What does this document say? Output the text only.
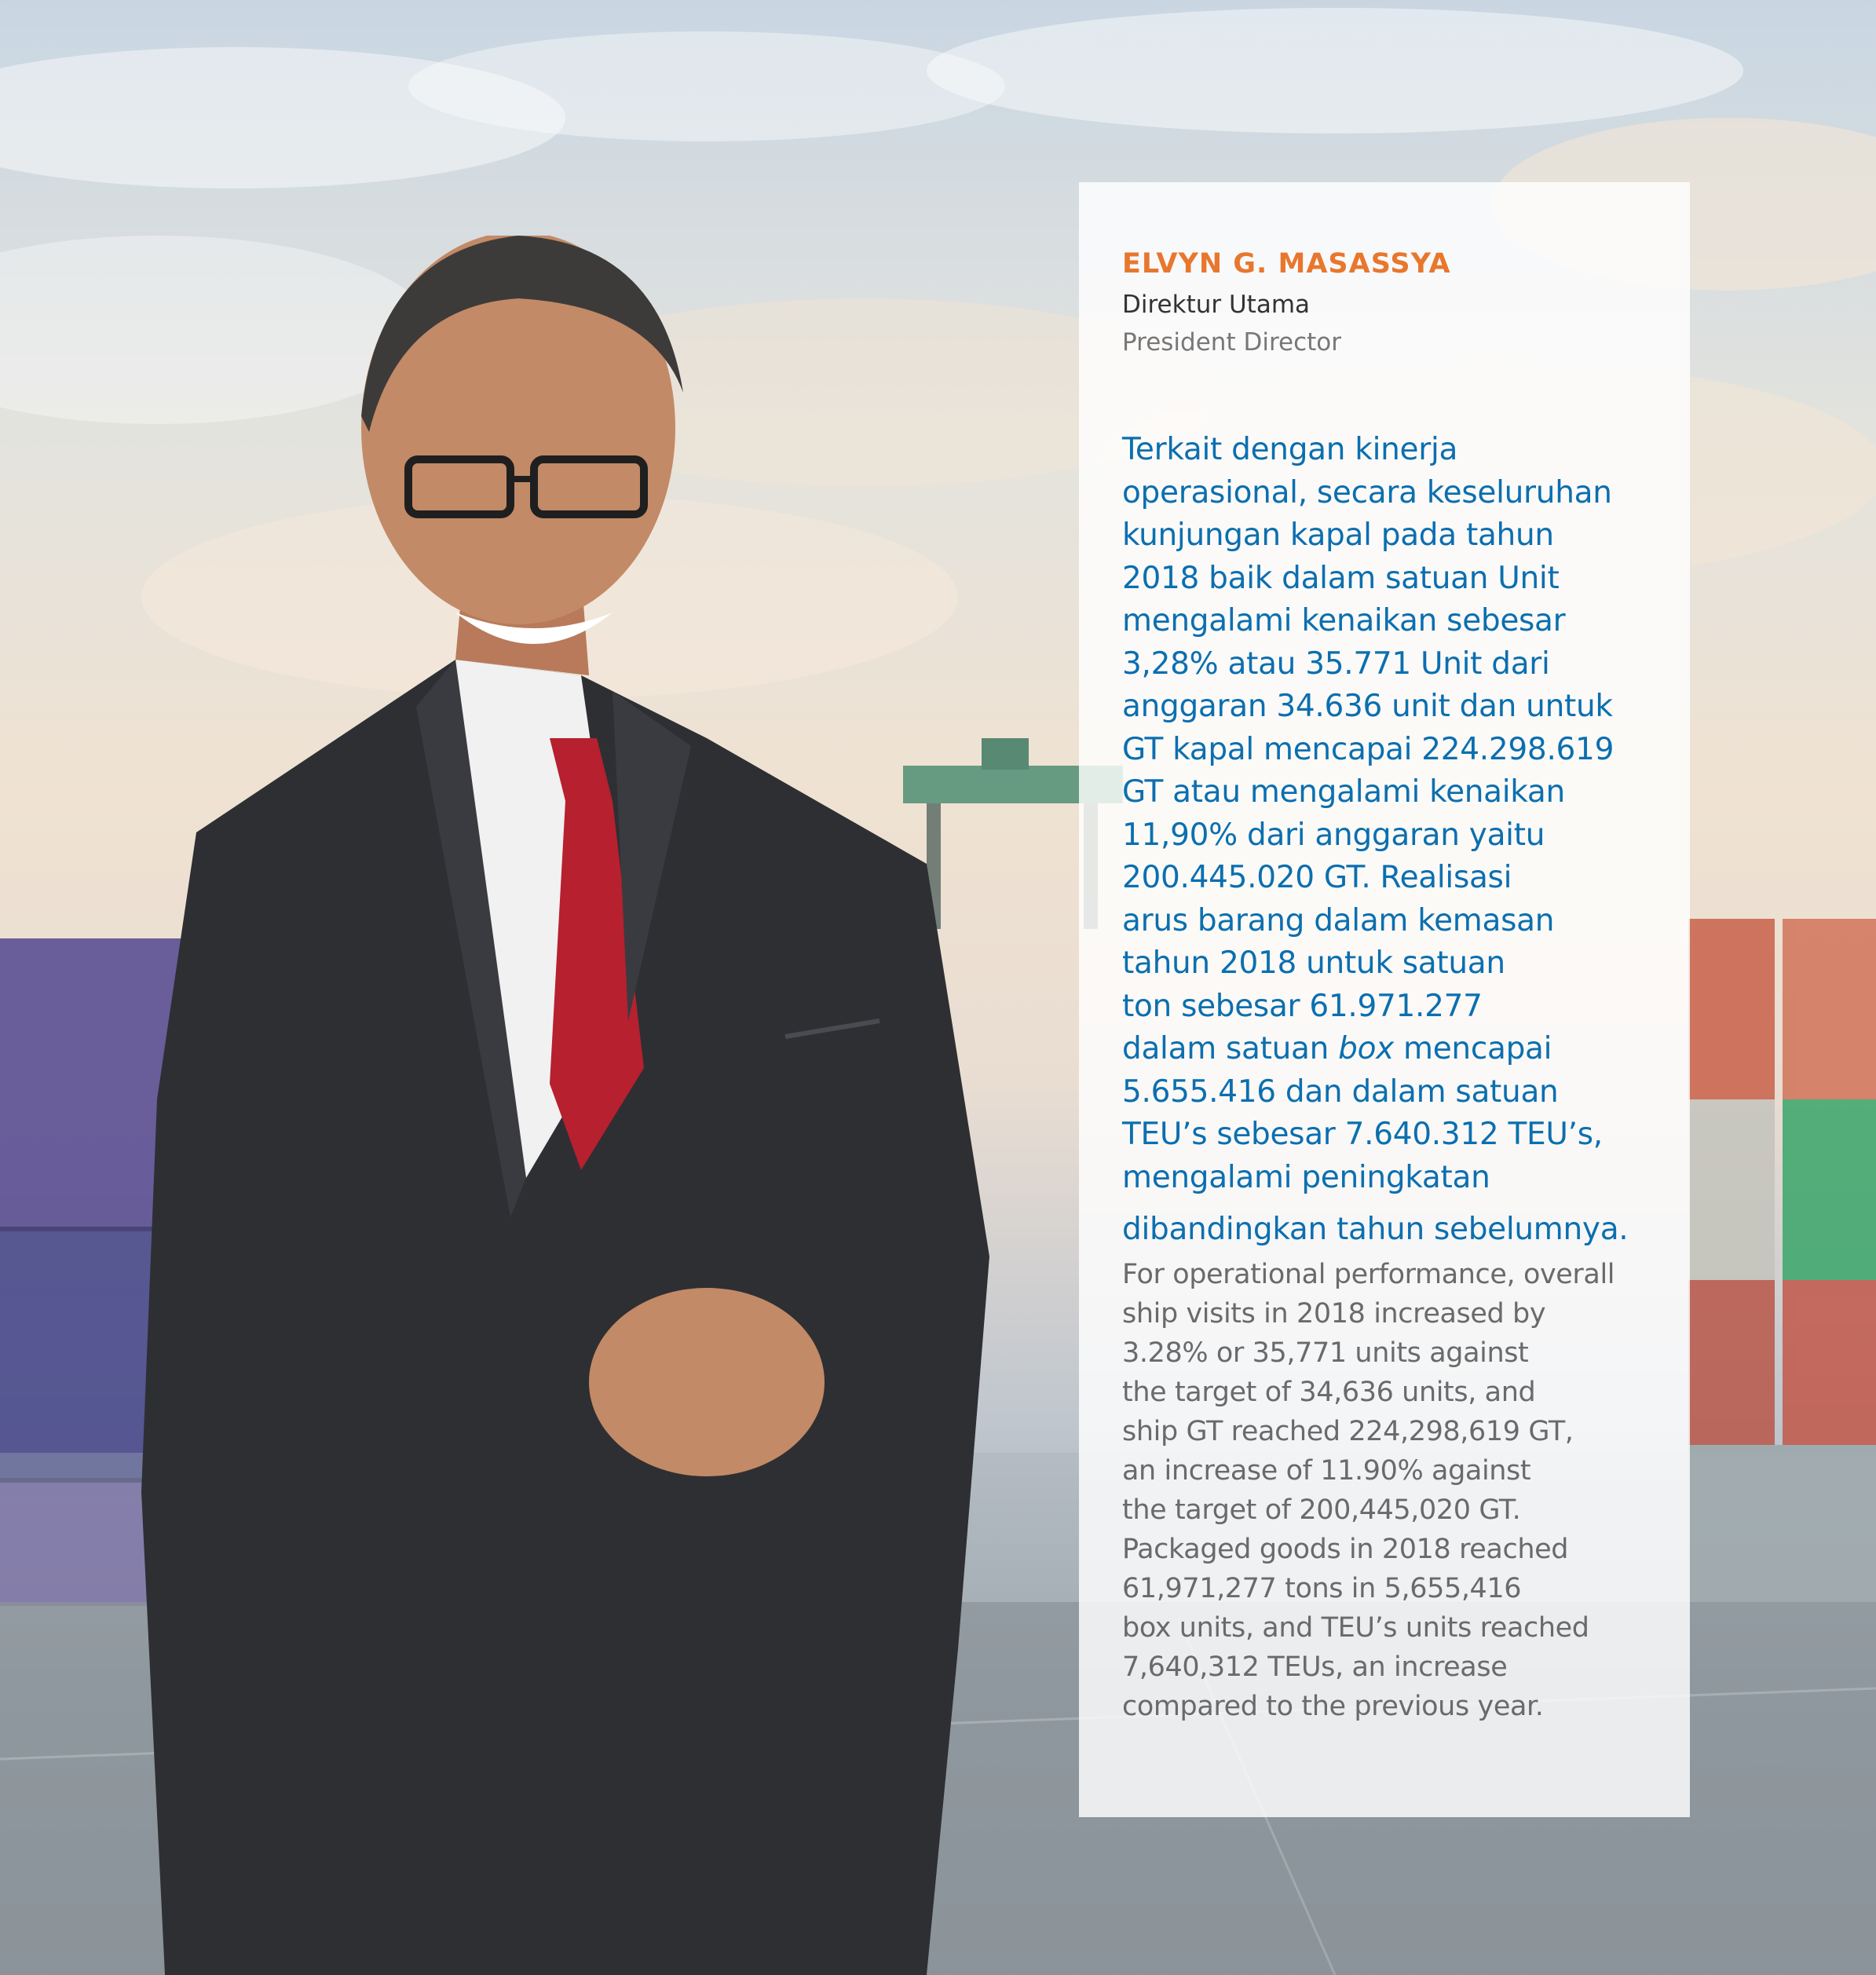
ELVYN G. MASASSYA
Direktur Utama
President Director
Terkait dengan kinerja
operasional, secara keseluruhan
kunjungan kapal pada tahun
2018 baik dalam satuan Unit
mengalami kenaikan sebesar
3,28% atau 35.771 Unit dari
anggaran 34.636 unit dan untuk
GT kapal mencapai 224.298.619
GT atau mengalami kenaikan
11,90% dari anggaran yaitu
200.445.020 GT. Realisasi
arus barang dalam kemasan
tahun 2018 untuk satuan
ton sebesar 61.971.277
dalam satuan box mencapai
5.655.416 dan dalam satuan
TEU’s sebesar 7.640.312 TEU’s,
mengalami peningkatan
dibandingkan tahun sebelumnya.
For operational performance, overall
ship visits in 2018 increased by
3.28% or 35,771 units against
the target of 34,636 units, and
ship GT reached 224,298,619 GT,
an increase of 11.90% against
the target of 200,445,020 GT.
Packaged goods in 2018 reached
61,971,277 tons in 5,655,416
box units, and TEU’s units reached
7,640,312 TEUs, an increase
compared to the previous year.
